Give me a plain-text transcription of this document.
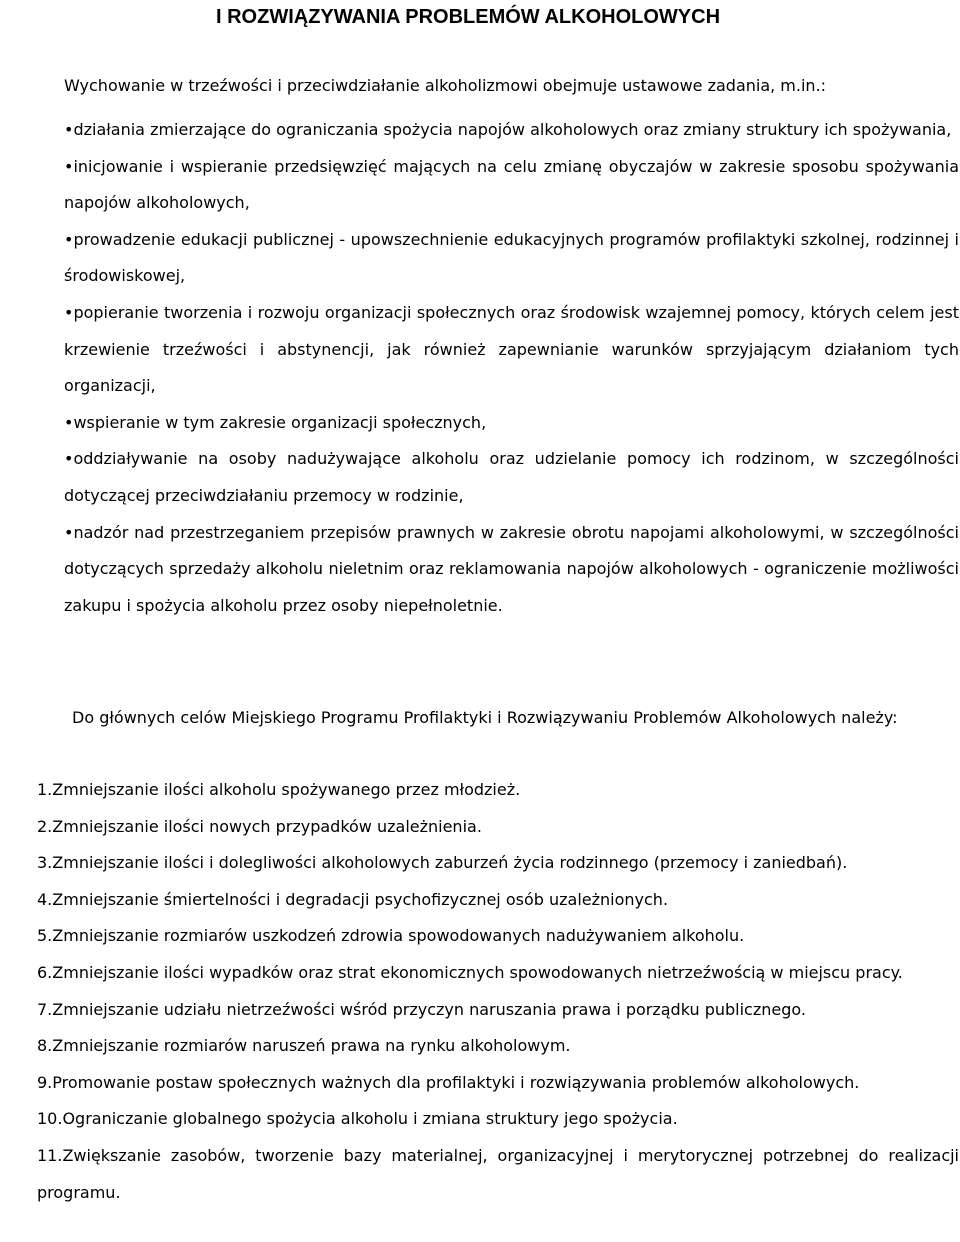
I ROZWIĄZYWANIA PROBLEMÓW ALKOHOLOWYCH

Wychowanie w trzeźwości i przeciwdziałanie alkoholizmowi obejmuje ustawowe zadania, m.in.:

•działania zmierzające do ograniczania spożycia napojów alkoholowych oraz zmiany struktury ich spożywania,
•inicjowanie i wspieranie przedsięwzięć mających na celu zmianę obyczajów w zakresie sposobu spożywania napojów alkoholowych,
•prowadzenie edukacji publicznej - upowszechnienie edukacyjnych programów profilaktyki szkolnej, rodzinnej i środowiskowej,
•popieranie tworzenia i rozwoju organizacji społecznych oraz środowisk wzajemnej pomocy, których celem jest krzewienie trzeźwości i abstynencji, jak również zapewnianie warunków sprzyjającym działaniom tych organizacji,
•wspieranie w tym zakresie organizacji społecznych,
•oddziaływanie na osoby nadużywające alkoholu oraz udzielanie pomocy ich rodzinom, w szczególności dotyczącej przeciwdziałaniu przemocy w rodzinie,
•nadzór nad przestrzeganiem przepisów prawnych w zakresie obrotu napojami alkoholowymi, w szczególności dotyczących sprzedaży alkoholu nieletnim oraz reklamowania napojów alkoholowych - ograniczenie możliwości zakupu i spożycia alkoholu przez osoby niepełnoletnie.

Do głównych celów Miejskiego Programu Profilaktyki i Rozwiązywaniu Problemów Alkoholowych należy:

1.Zmniejszanie ilości alkoholu spożywanego przez młodzież.
2.Zmniejszanie ilości nowych przypadków uzależnienia.
3.Zmniejszanie ilości i dolegliwości alkoholowych zaburzeń życia rodzinnego (przemocy i zaniedbań).
4.Zmniejszanie śmiertelności i degradacji psychofizycznej osób uzależnionych.
5.Zmniejszanie rozmiarów uszkodzeń zdrowia spowodowanych nadużywaniem alkoholu.
6.Zmniejszanie ilości wypadków oraz strat ekonomicznych spowodowanych nietrzeźwością w miejscu pracy.
7.Zmniejszanie udziału nietrzeźwości wśród przyczyn naruszania prawa i porządku publicznego.
8.Zmniejszanie rozmiarów naruszeń prawa na rynku alkoholowym.
9.Promowanie postaw społecznych ważnych dla profilaktyki i rozwiązywania problemów alkoholowych.
10.Ograniczanie globalnego spożycia alkoholu i zmiana struktury jego spożycia.
11.Zwiększanie zasobów, tworzenie bazy materialnej, organizacyjnej i merytorycznej potrzebnej do realizacji programu.
